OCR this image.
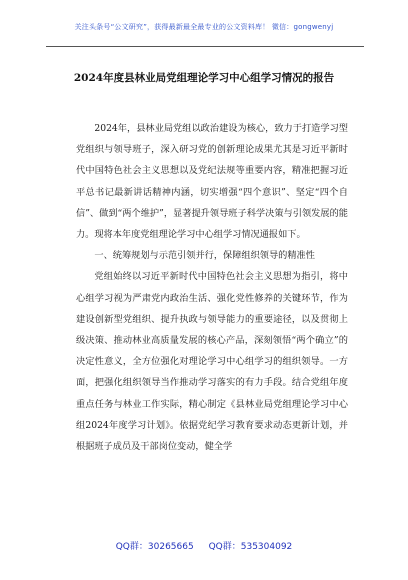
关注头条号“公文研究”，获得最新最全最专业的公文资料库！ 微信：gongwenyj
2024年度县林业局党组理论学习中心组学习情况的报告

2024年，县林业局党组以政治建设为核心，致力于打造学习型党组织与领导班子，深入研习党的创新理论成果尤其是习近平新时代中国特色社会主义思想以及党纪法规等重要内容，精准把握习近平总书记最新讲话精神内涵，切实增强“四个意识”、坚定“四个自信”、做到“两个维护”，显著提升领导班子科学决策与引领发展的能力。现将本年度党组理论学习中心组学习情况通报如下。

一、统筹规划与示范引领并行，保障组织领导的精准性

党组始终以习近平新时代中国特色社会主义思想为指引，将中心组学习视为严肃党内政治生活、强化党性修养的关键环节，作为建设创新型党组织、提升执政与领导能力的重要途径，以及贯彻上级决策、推动林业高质量发展的核心产品，深刻领悟“两个确立”的决定性意义，全方位强化对理论学习中心组学习的组织领导。一方面，把强化组织领导当作推动学习落实的有力手段。结合党组年度重点任务与林业工作实际，精心制定《县林业局党组理论学习中心组2024年度学习计划》。依据党纪学习教育要求动态更新计划，并根据班子成员及干部岗位变动，健全学

QQ群：30265665 QQ群：535304092
